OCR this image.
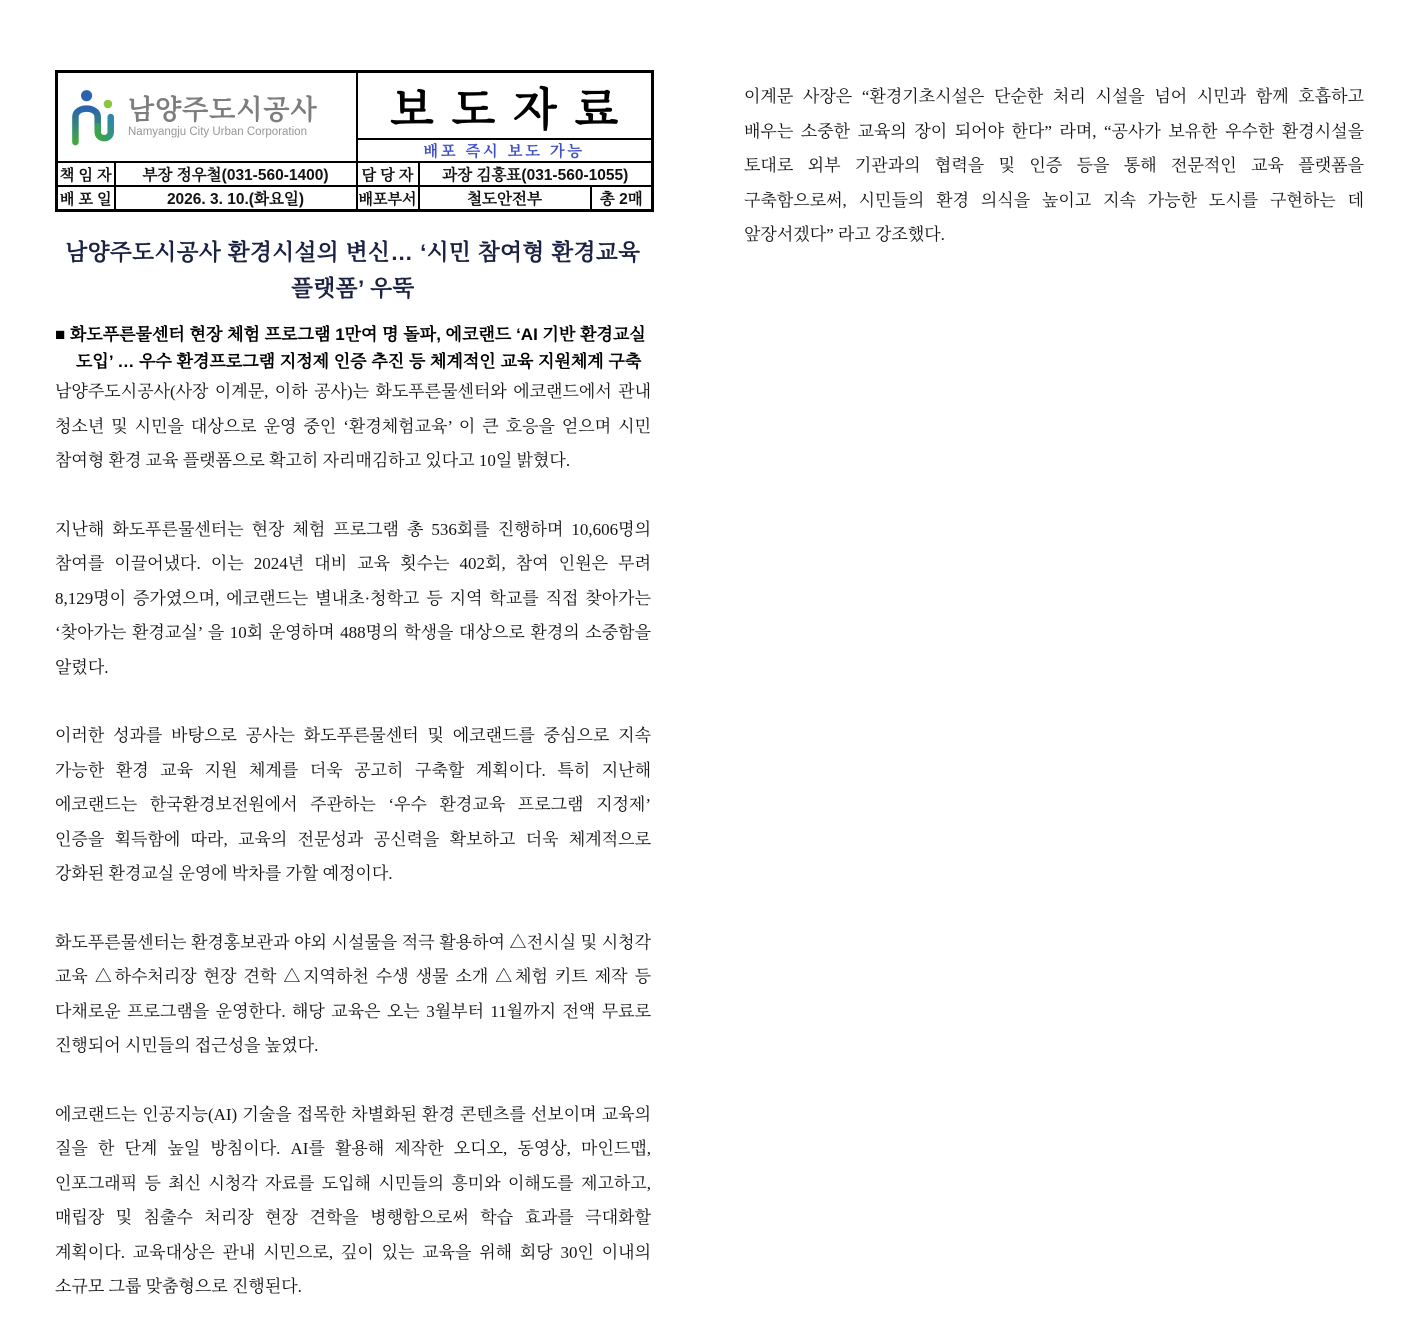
남양주도시공사
Namyangju City Urban Corporation		보도자료		
		배포 즉시 보도 가능		
책 임 자	부장 정우철(031-560-1400)	담 당 자	과장 김홍표(031-560-1055)	
배 포 일	2026. 3. 10.(화요일)	배포부서	철도안전부	총 2매
남양주도시공사 환경시설의 변신… ‘시민 참여형 환경교육
플랫폼’ 우뚝

■ 화도푸른물센터 현장 체험 프로그램 1만여 명 돌파, 에코랜드 ‘AI 기반 환경교실 도입’ … 우수 환경프로그램 지정제 인증 추진 등 체계적인 교육 지원체계 구축

남양주도시공사(사장 이계문, 이하 공사)는 화도푸른물센터와 에코랜드에서 관내 청소년 및 시민을 대상으로 운영 중인 ‘환경체험교육’ 이 큰 호응을 얻으며 시민 참여형 환경 교육 플랫폼으로 확고히 자리매김하고 있다고 10일 밝혔다.

지난해 화도푸른물센터는 현장 체험 프로그램 총 536회를 진행하며 10,606명의 참여를 이끌어냈다. 이는 2024년 대비 교육 횟수는 402회, 참여 인원은 무려 8,129명이 증가였으며, 에코랜드는 별내초·청학고 등 지역 학교를 직접 찾아가는 ‘찾아가는 환경교실’ 을 10회 운영하며 488명의 학생을 대상으로 환경의 소중함을 알렸다.

이러한 성과를 바탕으로 공사는 화도푸른물센터 및 에코랜드를 중심으로 지속 가능한 환경 교육 지원 체계를 더욱 공고히 구축할 계획이다. 특히 지난해 에코랜드는 한국환경보전원에서 주관하는 ‘우수 환경교육 프로그램 지정제’ 인증을 획득함에 따라, 교육의 전문성과 공신력을 확보하고 더욱 체계적으로 강화된 환경교실 운영에 박차를 가할 예정이다.

화도푸른물센터는 환경홍보관과 야외 시설물을 적극 활용하여 △전시실 및 시청각 교육 △하수처리장 현장 견학 △지역하천 수생 생물 소개 △체험 키트 제작 등 다채로운 프로그램을 운영한다. 해당 교육은 오는 3월부터 11월까지 전액 무료로 진행되어 시민들의 접근성을 높였다.

에코랜드는 인공지능(AI) 기술을 접목한 차별화된 환경 콘텐츠를 선보이며 교육의 질을 한 단계 높일 방침이다. AI를 활용해 제작한 오디오, 동영상, 마인드맵, 인포그래픽 등 최신 시청각 자료를 도입해 시민들의 흥미와 이해도를 제고하고, 매립장 및 침출수 처리장 현장 견학을 병행함으로써 학습 효과를 극대화할 계획이다. 교육대상은 관내 시민으로, 깊이 있는 교육을 위해 회당 30인 이내의 소규모 그룹 맞춤형으로 진행된다.

이계문 사장은 “환경기초시설은 단순한 처리 시설을 넘어 시민과 함께 호흡하고 배우는 소중한 교육의 장이 되어야 한다” 라며, “공사가 보유한 우수한 환경시설을 토대로 외부 기관과의 협력을 및 인증 등을 통해 전문적인 교육 플랫폼을 구축함으로써, 시민들의 환경 의식을 높이고 지속 가능한 도시를 구현하는 데 앞장서겠다” 라고 강조했다.
